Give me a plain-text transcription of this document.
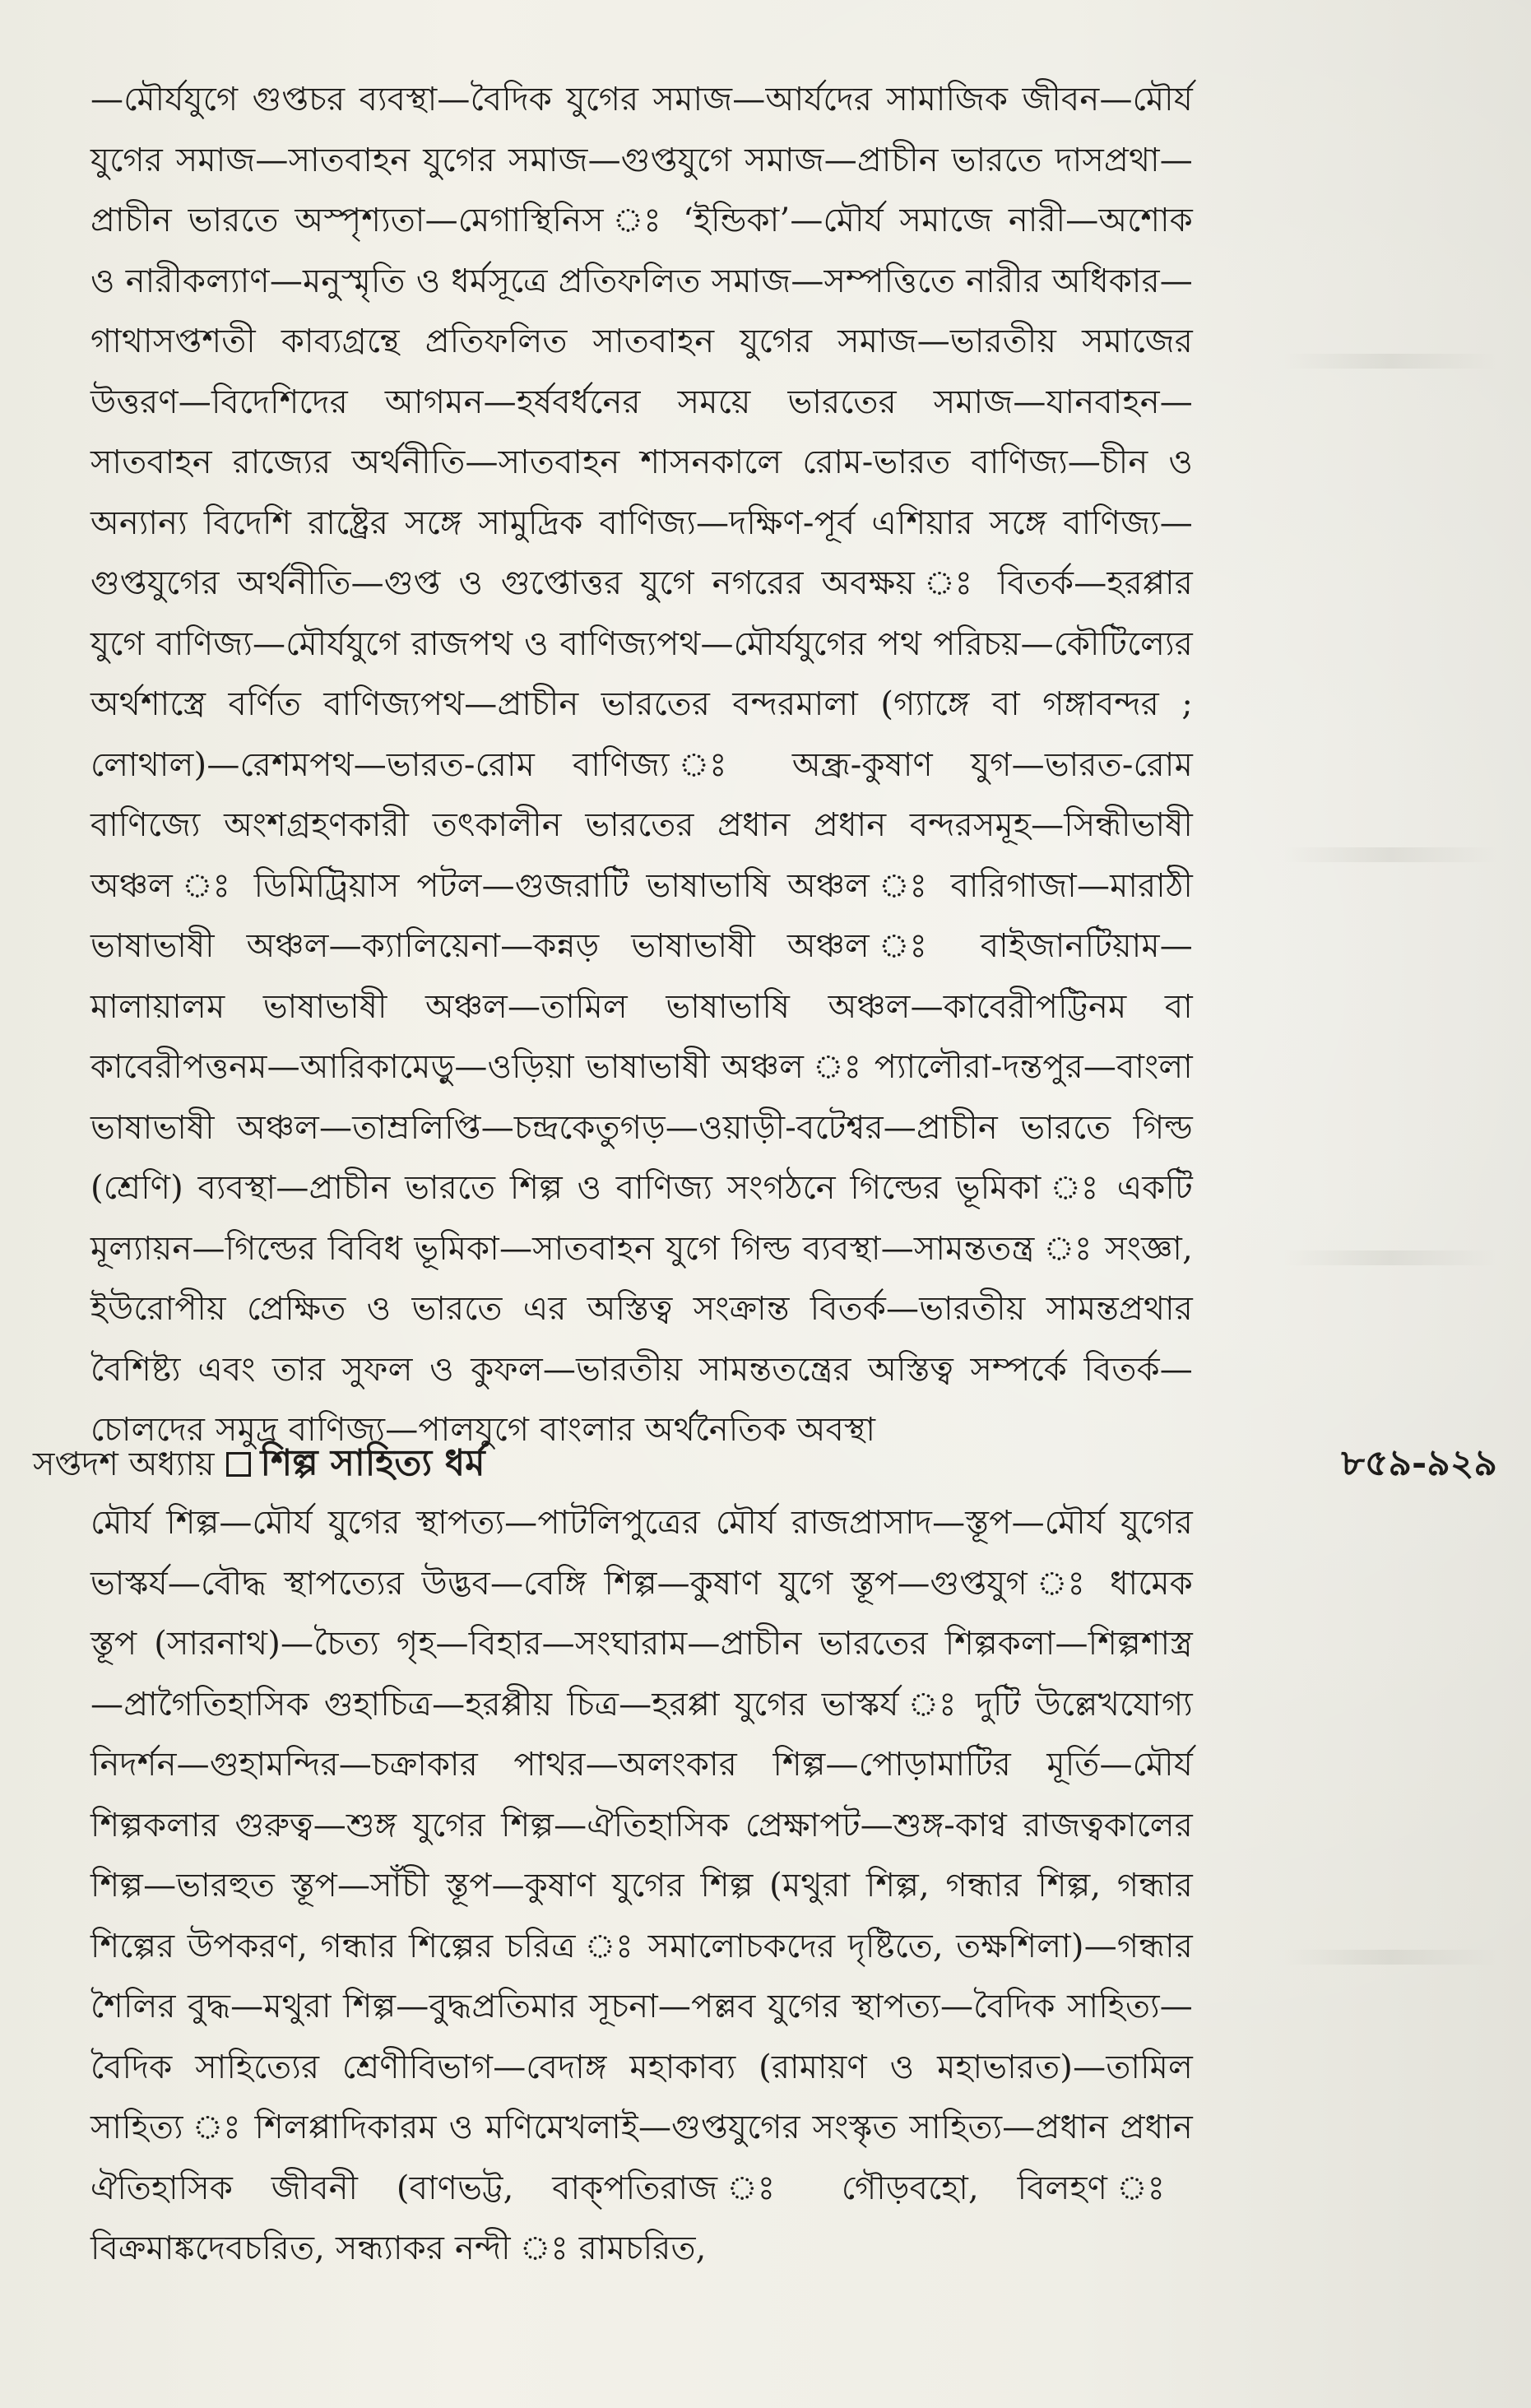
—মৌর্যযুগে গুপ্তচর ব্যবস্থা—বৈদিক যুগের সমাজ—আর্যদের সামাজিক জীবন—মৌর্য যুগের সমাজ—সাতবাহন যুগের সমাজ—গুপ্তযুগে সমাজ—প্রাচীন ভারতে দাসপ্রথা—প্রাচীন ভারতে অস্পৃশ্যতা—মেগাস্থিনিস ঃ ‘ইন্ডিকা’—মৌর্য সমাজে নারী—অশোক ও নারীকল্যাণ—মনুস্মৃতি ও ধর্মসূত্রে প্রতিফলিত সমাজ—সম্পত্তিতে নারীর অধিকার—গাথাসপ্তশতী কাব্যগ্রন্থে প্রতিফলিত সাতবাহন যুগের সমাজ—ভারতীয় সমাজের উত্তরণ—বিদেশিদের আগমন—হর্ষবর্ধনের সময়ে ভারতের সমাজ—যানবাহন—সাতবাহন রাজ্যের অর্থনীতি—সাতবাহন শাসনকালে রোম-ভারত বাণিজ্য—চীন ও অন্যান্য বিদেশি রাষ্ট্রের সঙ্গে সামুদ্রিক বাণিজ্য—দক্ষিণ-পূর্ব এশিয়ার সঙ্গে বাণিজ্য—গুপ্তযুগের অর্থনীতি—গুপ্ত ও গুপ্তোত্তর যুগে নগরের অবক্ষয় ঃ বিতর্ক—হরপ্পার যুগে বাণিজ্য—মৌর্যযুগে রাজপথ ও বাণিজ্যপথ—মৌর্যযুগের পথ পরিচয়—কৌটিল্যের অর্থশাস্ত্রে বর্ণিত বাণিজ্যপথ—প্রাচীন ভারতের বন্দরমালা (গ্যাঙ্গে বা গঙ্গাবন্দর ; লোথাল)—রেশমপথ—ভারত-রোম বাণিজ্য ঃ অন্ধ্র-কুষাণ যুগ—ভারত-রোম বাণিজ্যে অংশগ্রহণকারী তৎকালীন ভারতের প্রধান প্রধান বন্দরসমূহ—সিন্ধীভাষী অঞ্চল ঃ ডিমিট্রিয়াস পটল—গুজরাটি ভাষাভাষি অঞ্চল ঃ বারিগাজা—মারাঠী ভাষাভাষী অঞ্চল—ক্যালিয়েনা—কন্নড় ভাষাভাষী অঞ্চল ঃ বাইজানটিয়াম—মালায়ালম ভাষাভাষী অঞ্চল—তামিল ভাষাভাষি অঞ্চল—কাবেরীপট্টিনম বা কাবেরীপত্তনম—আরিকামেড়ু—ওড়িয়া ভাষাভাষী অঞ্চল ঃ প্যালৌরা-দন্তপুর—বাংলা ভাষাভাষী অঞ্চল—তাম্রলিপ্তি—চন্দ্রকেতুগড়—ওয়াড়ী-বটেশ্বর—প্রাচীন ভারতে গিল্ড (শ্রেণি) ব্যবস্থা—প্রাচীন ভারতে শিল্প ও বাণিজ্য সংগঠনে গিল্ডের ভূমিকা ঃ একটি মূল্যায়ন—গিল্ডের বিবিধ ভূমিকা—সাতবাহন যুগে গিল্ড ব্যবস্থা—সামন্ততন্ত্র ঃ সংজ্ঞা, ইউরোপীয় প্রেক্ষিত ও ভারতে এর অস্তিত্ব সংক্রান্ত বিতর্ক—ভারতীয় সামন্তপ্রথার বৈশিষ্ট্য এবং তার সুফল ও কুফল—ভারতীয় সামন্ততন্ত্রের অস্তিত্ব সম্পর্কে বিতর্ক—চোলদের সমুদ্র বাণিজ্য—পালযুগে বাংলার অর্থনৈতিক অবস্থা

সপ্তদশ অধ্যায় শিল্প সাহিত্য ধর্ম	৮৫৯-৯২৯

মৌর্য শিল্প—মৌর্য যুগের স্থাপত্য—পাটলিপুত্রের মৌর্য রাজপ্রাসাদ—স্তূপ—মৌর্য যুগের ভাস্কর্য—বৌদ্ধ স্থাপত্যের উদ্ভব—বেঙ্গি শিল্প—কুষাণ যুগে স্তূপ—গুপ্তযুগ ঃ ধামেক স্তূপ (সারনাথ)—চৈত্য গৃহ—বিহার—সংঘারাম—প্রাচীন ভারতের শিল্পকলা—শিল্পশাস্ত্র—প্রাগৈতিহাসিক গুহাচিত্র—হরপ্পীয় চিত্র—হরপ্পা যুগের ভাস্কর্য ঃ দুটি উল্লেখযোগ্য নিদর্শন—গুহামন্দির—চক্রাকার পাথর—অলংকার শিল্প—পোড়ামাটির মূর্তি—মৌর্য শিল্পকলার গুরুত্ব—শুঙ্গ যুগের শিল্প—ঐতিহাসিক প্রেক্ষাপট—শুঙ্গ-কাণ্ব রাজত্বকালের শিল্প—ভারহুত স্তূপ—সাঁচী স্তূপ—কুষাণ যুগের শিল্প (মথুরা শিল্প, গন্ধার শিল্প, গন্ধার শিল্পের উপকরণ, গন্ধার শিল্পের চরিত্র ঃ সমালোচকদের দৃষ্টিতে, তক্ষশিলা)—গন্ধার শৈলির বুদ্ধ—মথুরা শিল্প—বুদ্ধপ্রতিমার সূচনা—পল্লব যুগের স্থাপত্য—বৈদিক সাহিত্য—বৈদিক সাহিত্যের শ্রেণীবিভাগ—বেদাঙ্গ মহাকাব্য (রামায়ণ ও মহাভারত)—তামিল সাহিত্য ঃ শিলপ্পাদিকারম ও মণিমেখলাই—গুপ্তযুগের সংস্কৃত সাহিত্য—প্রধান প্রধান ঐতিহাসিক জীবনী (বাণভট্ট, বাক্‌পতিরাজ ঃ গৌড়বহো, বিলহণ ঃ বিক্রমাঙ্কদেবচরিত, সন্ধ্যাকর নন্দী ঃ রামচরিত,
